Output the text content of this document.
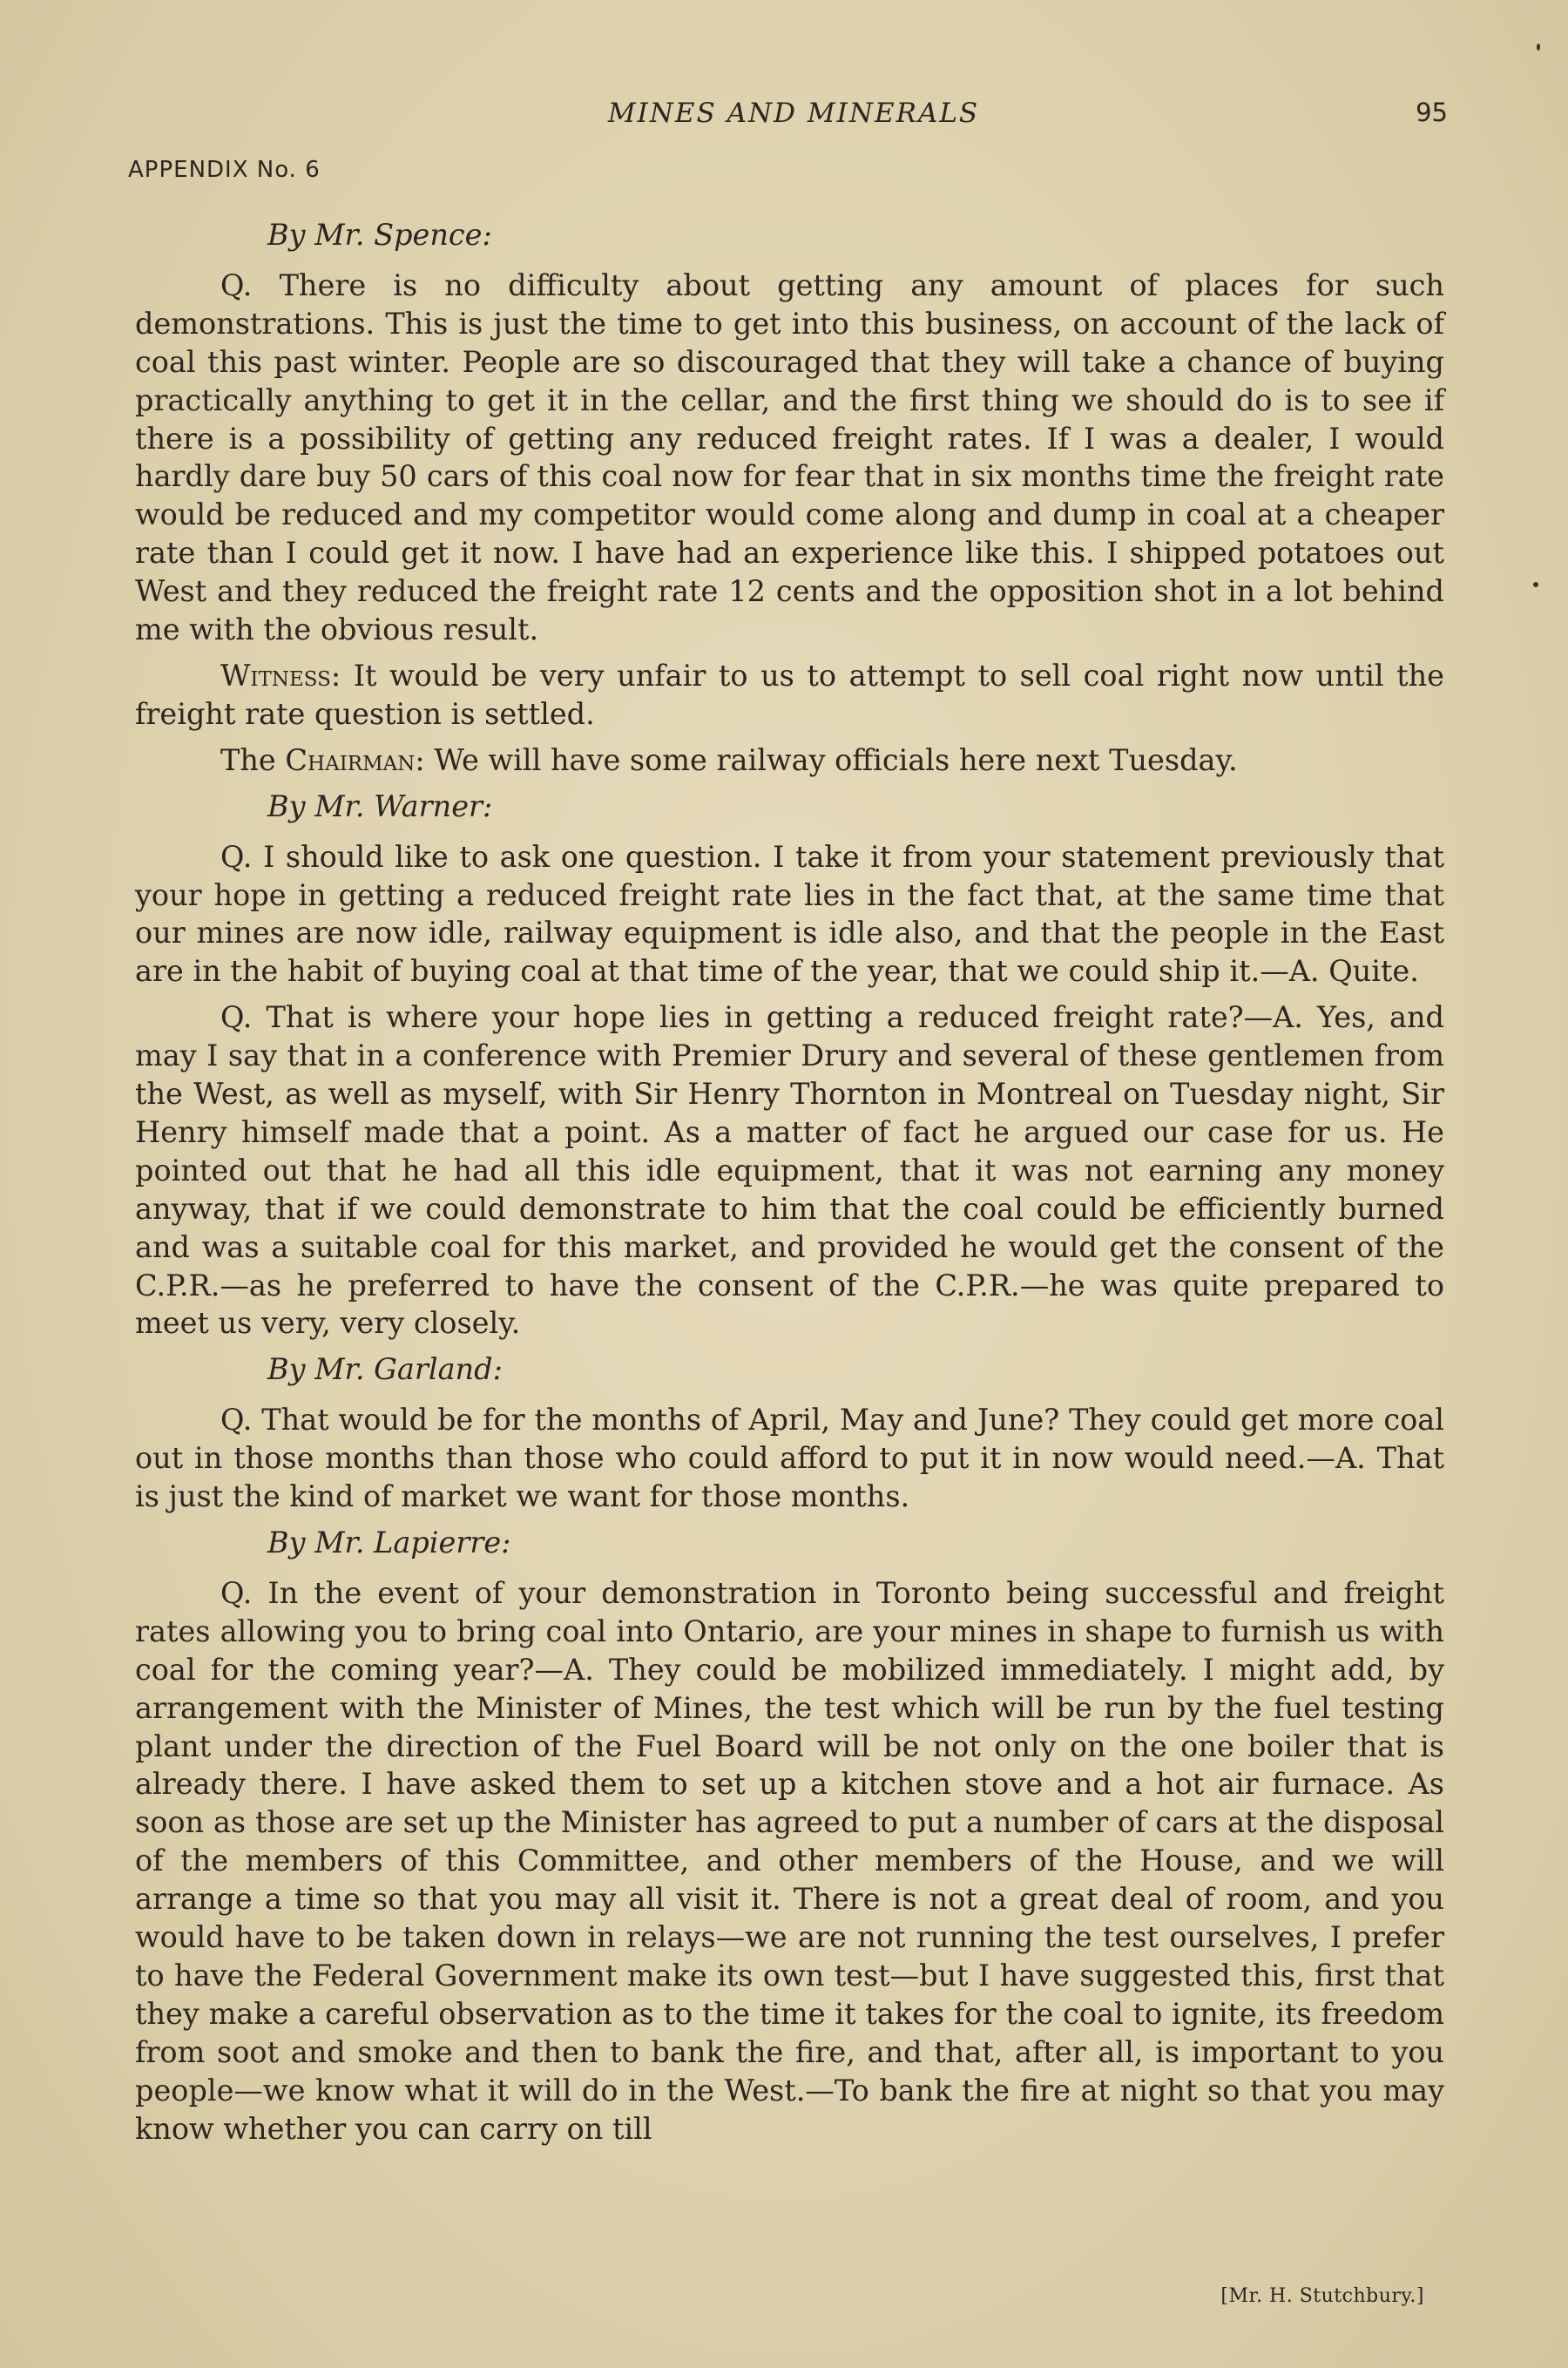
MINES AND MINERALS	95
APPENDIX No. 6

By Mr. Spence:

Q. There is no difficulty about getting any amount of places for such demonstrations. This is just the time to get into this business, on account of the lack of coal this past winter. People are so discouraged that they will take a chance of buying practically anything to get it in the cellar, and the first thing we should do is to see if there is a possibility of getting any reduced freight rates. If I was a dealer, I would hardly dare buy 50 cars of this coal now for fear that in six months time the freight rate would be reduced and my competitor would come along and dump in coal at a cheaper rate than I could get it now. I have had an experience like this. I shipped potatoes out West and they reduced the freight rate 12 cents and the opposition shot in a lot behind me with the obvious result.

Witness: It would be very unfair to us to attempt to sell coal right now until the freight rate question is settled.

The Chairman: We will have some railway officials here next Tuesday.

By Mr. Warner:

Q. I should like to ask one question. I take it from your statement previously that your hope in getting a reduced freight rate lies in the fact that, at the same time that our mines are now idle, railway equipment is idle also, and that the people in the East are in the habit of buying coal at that time of the year, that we could ship it.—A. Quite.

Q. That is where your hope lies in getting a reduced freight rate?—A. Yes, and may I say that in a conference with Premier Drury and several of these gentlemen from the West, as well as myself, with Sir Henry Thornton in Montreal on Tuesday night, Sir Henry himself made that a point. As a matter of fact he argued our case for us. He pointed out that he had all this idle equipment, that it was not earning any money anyway, that if we could demonstrate to him that the coal could be efficiently burned and was a suitable coal for this market, and provided he would get the consent of the C.P.R.—as he preferred to have the consent of the C.P.R.—he was quite prepared to meet us very, very closely.

By Mr. Garland:

Q. That would be for the months of April, May and June? They could get more coal out in those months than those who could afford to put it in now would need.—A. That is just the kind of market we want for those months.

By Mr. Lapierre:

Q. In the event of your demonstration in Toronto being successful and freight rates allowing you to bring coal into Ontario, are your mines in shape to furnish us with coal for the coming year?—A. They could be mobilized immediately. I might add, by arrangement with the Minister of Mines, the test which will be run by the fuel testing plant under the direction of the Fuel Board will be not only on the one boiler that is already there. I have asked them to set up a kitchen stove and a hot air furnace. As soon as those are set up the Minister has agreed to put a number of cars at the disposal of the members of this Committee, and other members of the House, and we will arrange a time so that you may all visit it. There is not a great deal of room, and you would have to be taken down in relays—we are not running the test ourselves, I prefer to have the Federal Government make its own test—but I have suggested this, first that they make a careful observation as to the time it takes for the coal to ignite, its freedom from soot and smoke and then to bank the fire, and that, after all, is important to you people—we know what it will do in the West.—To bank the fire at night so that you may know whether you can carry on till

[Mr. H. Stutchbury.]
